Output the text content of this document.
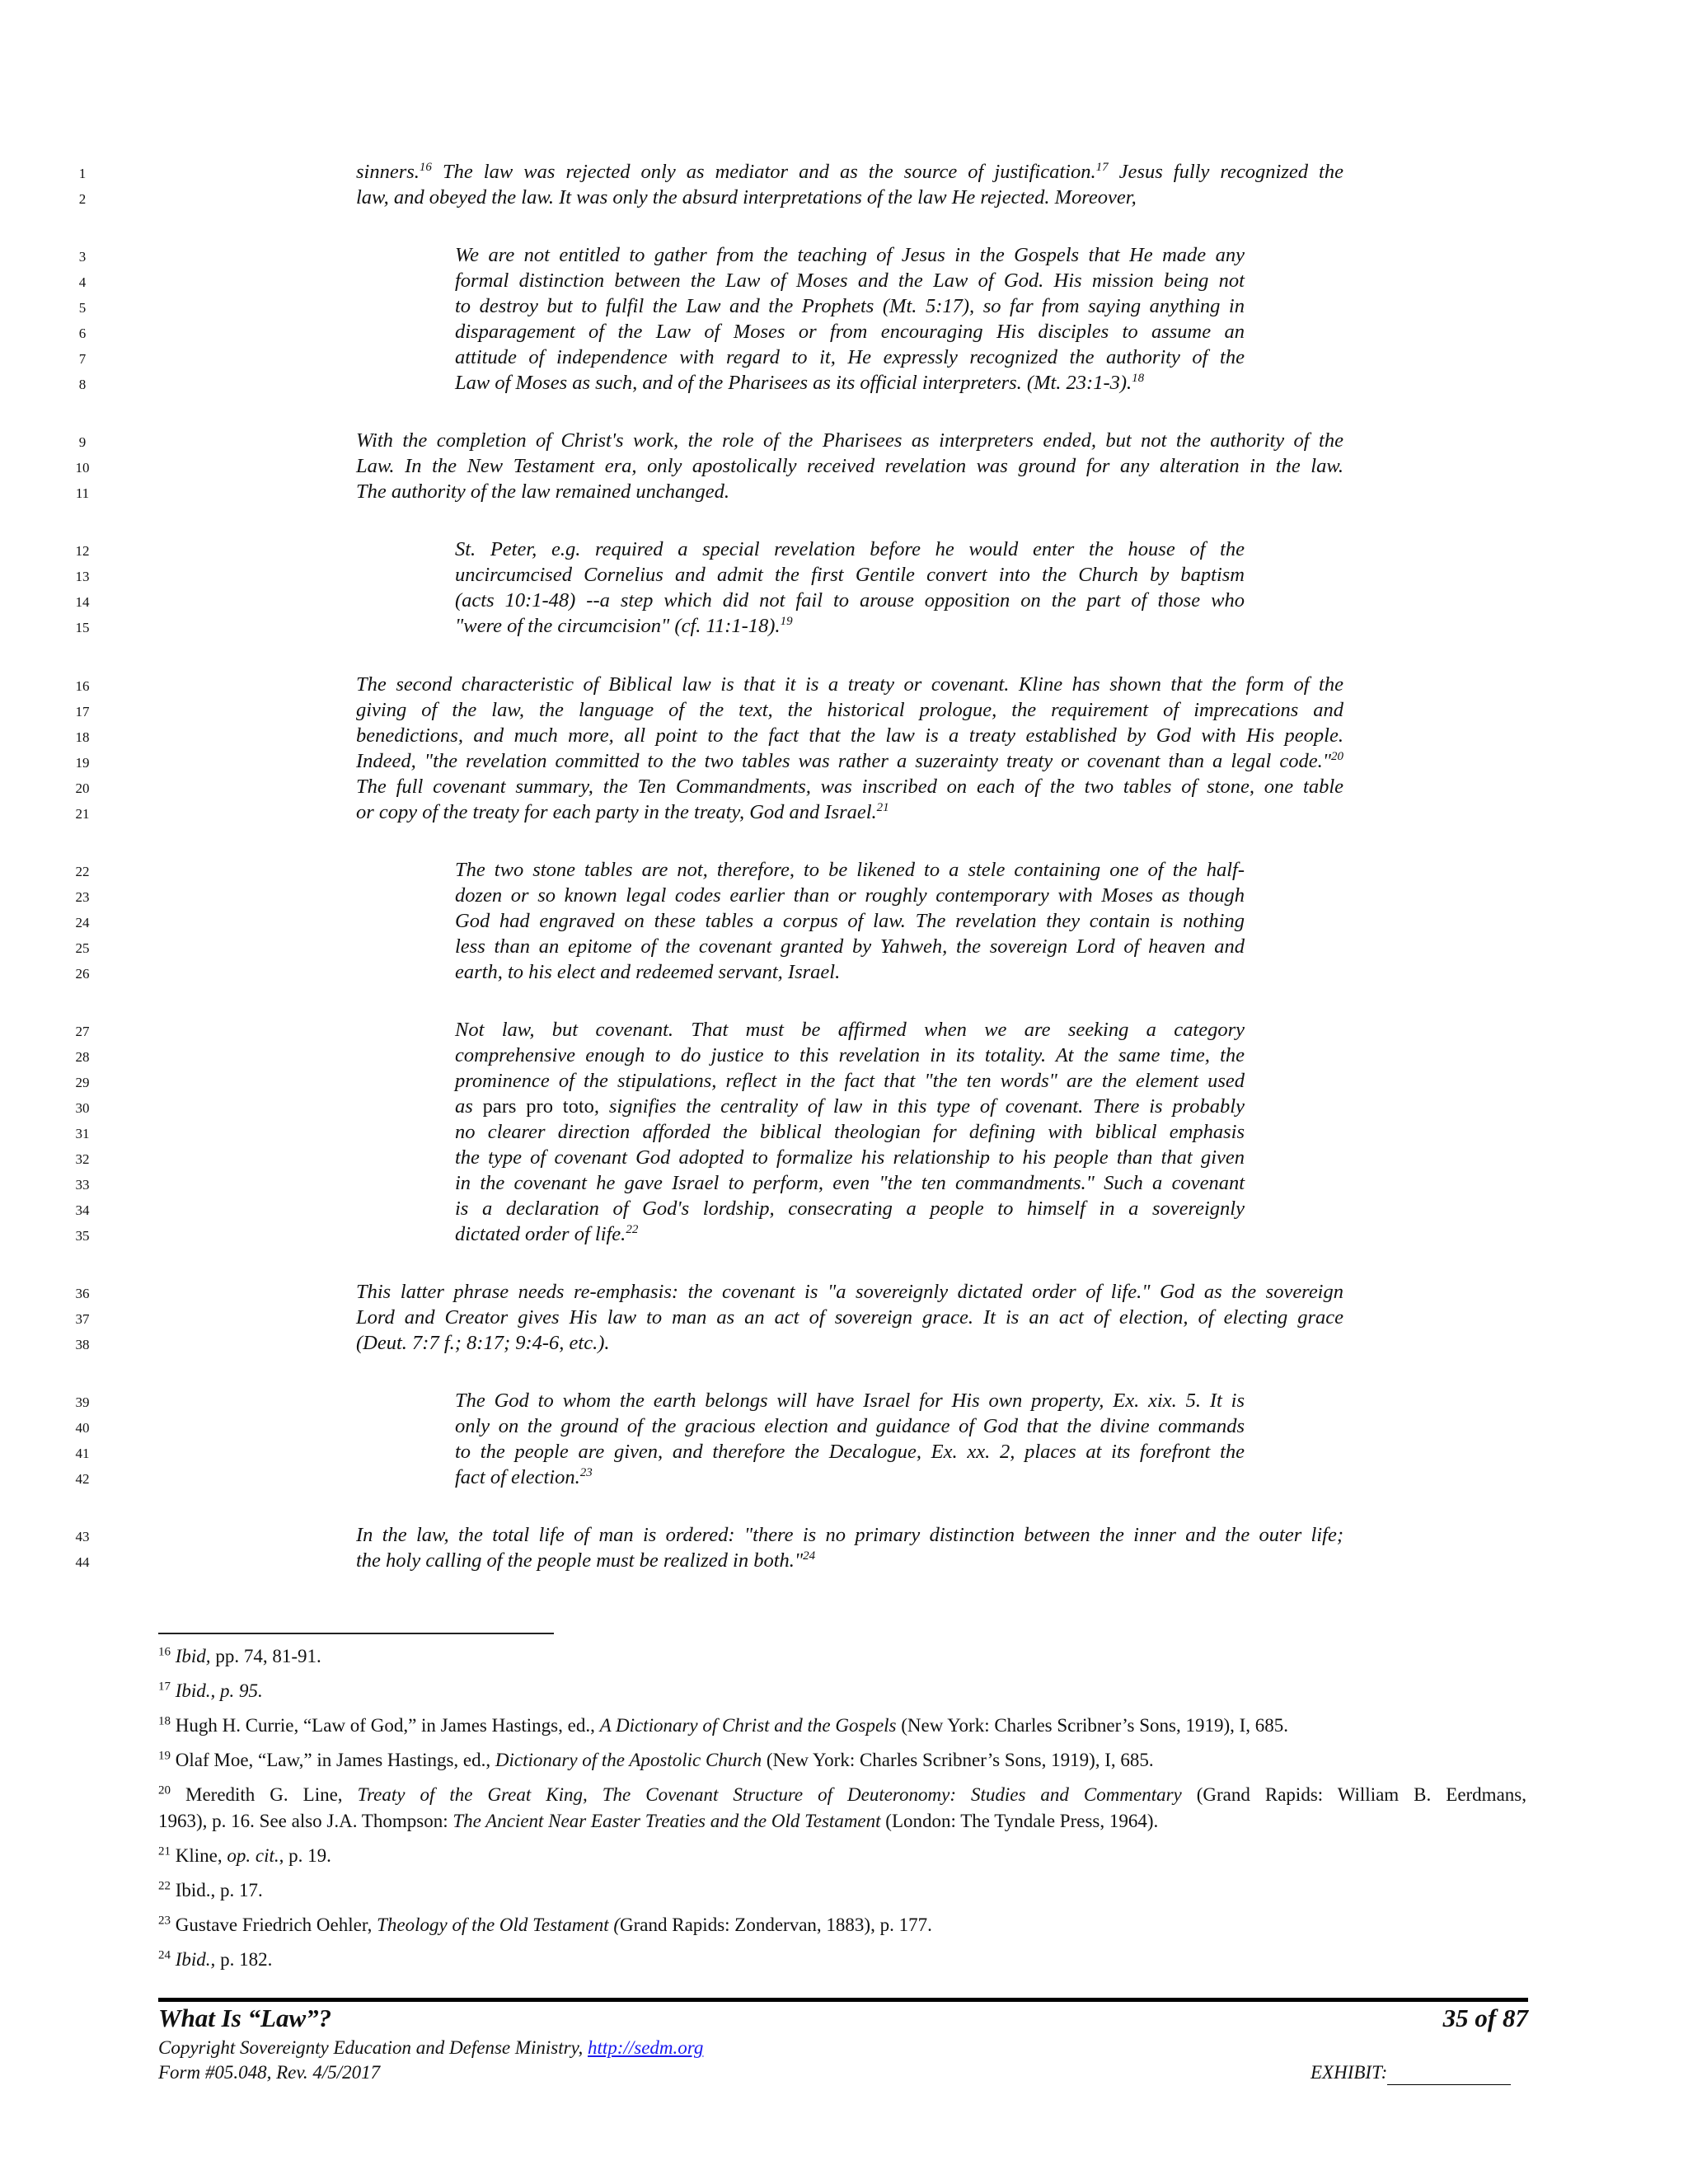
1	sinners.$^{16}$ The law was rejected only as mediator and as the source of justification.$^{17}$ Jesus fully recognized the
2	law, and obeyed the law. It was only the absurd interpretations of the law He rejected. Moreover,
3	We are not entitled to gather from the teaching of Jesus in the Gospels that He made any
4	formal distinction between the Law of Moses and the Law of God. His mission being not
5	to destroy but to fulfil the Law and the Prophets (Mt. 5:17), so far from saying anything in
6	disparagement of the Law of Moses or from encouraging His disciples to assume an
7	attitude of independence with regard to it, He expressly recognized the authority of the
8	Law of Moses as such, and of the Pharisees as its official interpreters. (Mt. 23:1-3).$^{18}$
9	With the completion of Christ's work, the role of the Pharisees as interpreters ended, but not the authority of the
10	Law. In the New Testament era, only apostolically received revelation was ground for any alteration in the law.
11	The authority of the law remained unchanged.
12	St. Peter, e.g. required a special revelation before he would enter the house of the
13	uncircumcised Cornelius and admit the first Gentile convert into the Church by baptism
14	(acts 10:1-48) --a step which did not fail to arouse opposition on the part of those who
15	"were of the circumcision" (cf. 11:1-18).$^{19}$
16	The second characteristic of Biblical law is that it is a treaty or covenant. Kline has shown that the form of the
17	giving of the law, the language of the text, the historical prologue, the requirement of imprecations and
18	benedictions, and much more, all point to the fact that the law is a treaty established by God with His people.
19	Indeed, "the revelation committed to the two tables was rather a suzerainty treaty or covenant than a legal code."$^{20}$
20	The full covenant summary, the Ten Commandments, was inscribed on each of the two tables of stone, one table
21	or copy of the treaty for each party in the treaty, God and Israel.$^{21}$
22	The two stone tables are not, therefore, to be likened to a stele containing one of the half-
23	dozen or so known legal codes earlier than or roughly contemporary with Moses as though
24	God had engraved on these tables a corpus of law. The revelation they contain is nothing
25	less than an epitome of the covenant granted by Yahweh, the sovereign Lord of heaven and
26	earth, to his elect and redeemed servant, Israel.
27	Not law, but covenant. That must be affirmed when we are seeking a category
28	comprehensive enough to do justice to this revelation in its totality. At the same time, the
29	prominence of the stipulations, reflect in the fact that "the ten words" are the element used
30	as pars pro toto, signifies the centrality of law in this type of covenant. There is probably
31	no clearer direction afforded the biblical theologian for defining with biblical emphasis
32	the type of covenant God adopted to formalize his relationship to his people than that given
33	in the covenant he gave Israel to perform, even "the ten commandments." Such a covenant
34	is a declaration of God's lordship, consecrating a people to himself in a sovereignly
35	dictated order of life.$^{22}$
36	This latter phrase needs re-emphasis: the covenant is "a sovereignly dictated order of life." God as the sovereign
37	Lord and Creator gives His law to man as an act of sovereign grace. It is an act of election, of electing grace
38	(Deut. 7:7 f.; 8:17; 9:4-6, etc.).
39	The God to whom the earth belongs will have Israel for His own property, Ex. xix. 5. It is
40	only on the ground of the gracious election and guidance of God that the divine commands
41	to the people are given, and therefore the Decalogue, Ex. xx. 2, places at its forefront the
42	fact of election.$^{23}$
43	In the law, the total life of man is ordered: "there is no primary distinction between the inner and the outer life;
44	the holy calling of the people must be realized in both."$^{24}$
$^{16}$ Ibid, pp. 74, 81-91.
$^{17}$ Ibid., p. 95.
$^{18}$ Hugh H. Currie, “Law of God,” in James Hastings, ed., A Dictionary of Christ and the Gospels (New York: Charles Scribner’s Sons, 1919), I, 685.
$^{19}$ Olaf Moe, “Law,” in James Hastings, ed., Dictionary of the Apostolic Church (New York: Charles Scribner’s Sons, 1919), I, 685.
$^{20}$ Meredith G. Line, Treaty of the Great King, The Covenant Structure of Deuteronomy: Studies and Commentary (Grand Rapids: William B. Eerdmans,
1963), p. 16. See also J.A. Thompson: The Ancient Near Easter Treaties and the Old Testament (London: The Tyndale Press, 1964).
$^{21}$ Kline, op. cit., p. 19.
$^{22}$ Ibid., p. 17.
$^{23}$ Gustave Friedrich Oehler, Theology of the Old Testament (Grand Rapids: Zondervan, 1883), p. 177.
$^{24}$ Ibid., p. 182.
What Is “Law”?	35 of 87
Copyright Sovereignty Education and Defense Ministry, http://sedm.org
Form #05.048, Rev. 4/5/2017	EXHIBIT:
